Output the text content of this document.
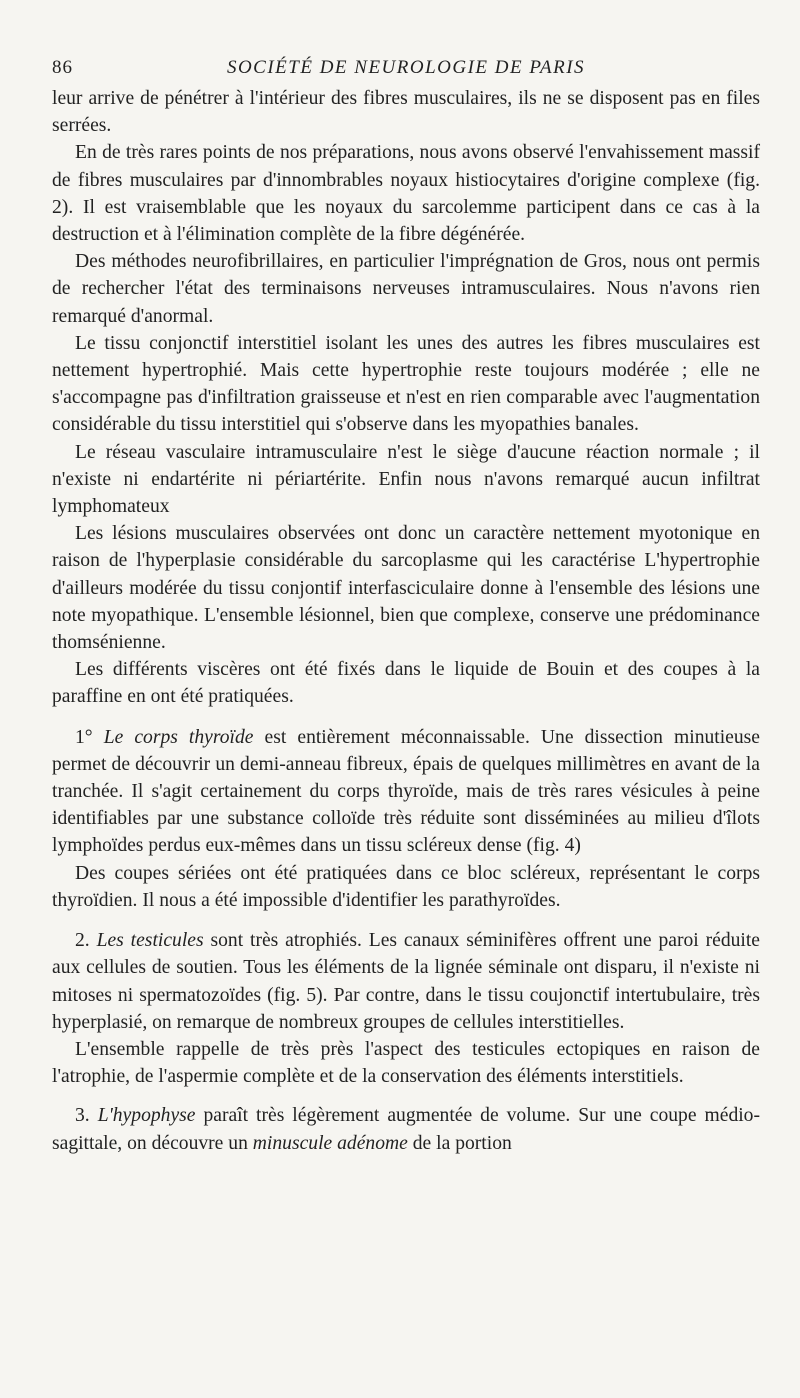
86	SOCIÉTÉ DE NEUROLOGIE DE PARIS

leur arrive de pénétrer à l'intérieur des fibres musculaires, ils ne se disposent pas en files serrées.

En de très rares points de nos préparations, nous avons observé l'envahissement massif de fibres musculaires par d'innombrables noyaux histiocytaires d'origine complexe (fig. 2). Il est vraisemblable que les noyaux du sarcolemme participent dans ce cas à la destruction et à l'élimination complète de la fibre dégénérée.

Des méthodes neurofibrillaires, en particulier l'imprégnation de Gros, nous ont permis de rechercher l'état des terminaisons nerveuses intramusculaires. Nous n'avons rien remarqué d'anormal.

Le tissu conjonctif interstitiel isolant les unes des autres les fibres musculaires est nettement hypertrophié. Mais cette hypertrophie reste toujours modérée ; elle ne s'accompagne pas d'infiltration graisseuse et n'est en rien comparable avec l'augmentation considérable du tissu interstitiel qui s'observe dans les myopathies banales.

Le réseau vasculaire intramusculaire n'est le siège d'aucune réaction normale ; il n'existe ni endartérite ni périartérite. Enfin nous n'avons remarqué aucun infiltrat lymphomateux

Les lésions musculaires observées ont donc un caractère nettement myotonique en raison de l'hyperplasie considérable du sarcoplasme qui les caractérise L'hypertrophie d'ailleurs modérée du tissu conjontif interfasciculaire donne à l'ensemble des lésions une note myopathique. L'ensemble lésionnel, bien que complexe, conserve une prédominance thomsénienne.

Les différents viscères ont été fixés dans le liquide de Bouin et des coupes à la paraffine en ont été pratiquées.

1° Le corps thyroïde est entièrement méconnaissable. Une dissection minutieuse permet de découvrir un demi-anneau fibreux, épais de quelques millimètres en avant de la tranchée. Il s'agit certainement du corps thyroïde, mais de très rares vésicules à peine identifiables par une substance colloïde très réduite sont disséminées au milieu d'îlots lymphoïdes perdus eux-mêmes dans un tissu scléreux dense (fig. 4)

Des coupes sériées ont été pratiquées dans ce bloc scléreux, représentant le corps thyroïdien. Il nous a été impossible d'identifier les parathyroïdes.

2. Les testicules sont très atrophiés. Les canaux séminifères offrent une paroi réduite aux cellules de soutien. Tous les éléments de la lignée séminale ont disparu, il n'existe ni mitoses ni spermatozoïdes (fig. 5). Par contre, dans le tissu coujonctif intertubulaire, très hyperplasié, on remarque de nombreux groupes de cellules interstitielles.

L'ensemble rappelle de très près l'aspect des testicules ectopiques en raison de l'atrophie, de l'aspermie complète et de la conservation des éléments interstitiels.

3. L'hypophyse paraît très légèrement augmentée de volume. Sur une coupe médio-sagittale, on découvre un minuscule adénome de la portion
